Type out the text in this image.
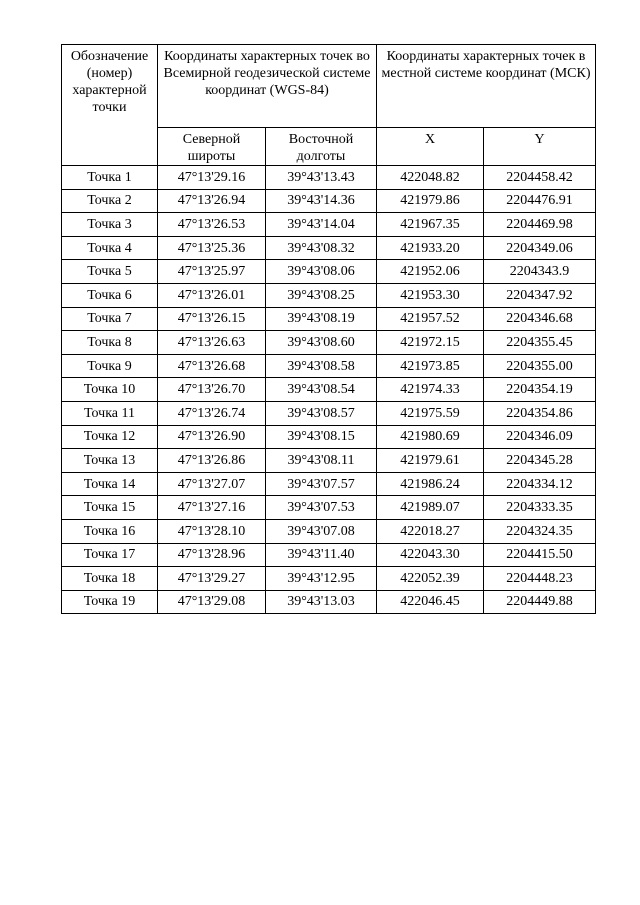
Обозначение (номер) характерной точки	Координаты характерных точек во Всемирной геодезической системе координат (WGS-84)		Координаты характерных точек в местной системе координат (МСК)	
	Северной широты	Восточной долготы	X	Y
Точка 1	47°13'29.16	39°43'13.43	422048.82	2204458.42
Точка 2	47°13'26.94	39°43'14.36	421979.86	2204476.91
Точка 3	47°13'26.53	39°43'14.04	421967.35	2204469.98
Точка 4	47°13'25.36	39°43'08.32	421933.20	2204349.06
Точка 5	47°13'25.97	39°43'08.06	421952.06	2204343.9
Точка 6	47°13'26.01	39°43'08.25	421953.30	2204347.92
Точка 7	47°13'26.15	39°43'08.19	421957.52	2204346.68
Точка 8	47°13'26.63	39°43'08.60	421972.15	2204355.45
Точка 9	47°13'26.68	39°43'08.58	421973.85	2204355.00
Точка 10	47°13'26.70	39°43'08.54	421974.33	2204354.19
Точка 11	47°13'26.74	39°43'08.57	421975.59	2204354.86
Точка 12	47°13'26.90	39°43'08.15	421980.69	2204346.09
Точка 13	47°13'26.86	39°43'08.11	421979.61	2204345.28
Точка 14	47°13'27.07	39°43'07.57	421986.24	2204334.12
Точка 15	47°13'27.16	39°43'07.53	421989.07	2204333.35
Точка 16	47°13'28.10	39°43'07.08	422018.27	2204324.35
Точка 17	47°13'28.96	39°43'11.40	422043.30	2204415.50
Точка 18	47°13'29.27	39°43'12.95	422052.39	2204448.23
Точка 19	47°13'29.08	39°43'13.03	422046.45	2204449.88
